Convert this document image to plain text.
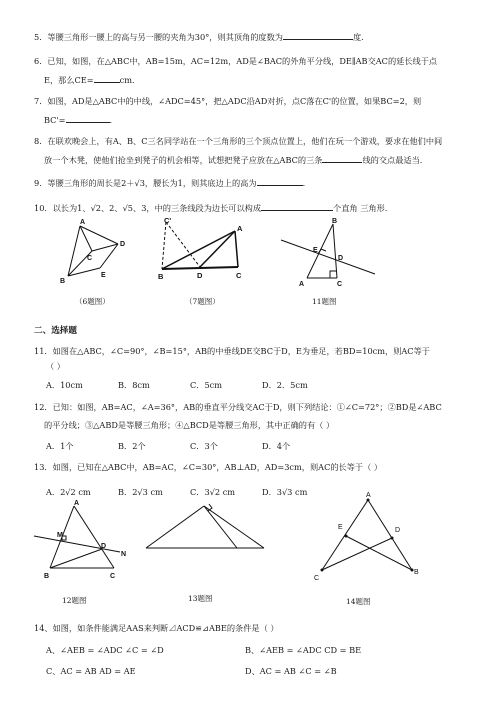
5．等腰三角形一腰上的高与另一腰的夹角为30°，则其顶角的度数为	度.
6．已知，如图，在△ABC中，AB=15m，AC=12m，AD是∠BAC的外角平分线，DE∥AB交AC的延长线于点
E，那么CE=	cm.
7．如图，AD是△ABC中的中线，∠ADC=45°，把△ADC沿AD对折，点C落在C'的位置，如果BC=2，则
BC'=	.
8．在联欢晚会上，有A、B、C三名同学站在一个三角形的三个顶点位置上，他们在玩一个游戏，要求在他们中间
放一个木凳，使他们抢坐到凳子的机会相等，试想把凳子应放在△ABC的三条	线的交点最适当.
9．等腰三角形的周长是2＋√3，腰长为1，则其底边上的高为	.
10．以长为1、√2、2、√5、3，中的三条线段为边长可以构成	个直角 三角形.
A
B
C
D
E
C'
A
B	D	C
B
E
D
A	C
（6题图）	（7题图）	11题图
二、选择题
11．如图在△ABC，∠C=90°，∠B=15°，AB的中垂线DE交BC于D，E为垂足，若BD=10cm，则AC等于
（ ）
A．10cm	B．8cm	C．5cm	D．2．5cm
12．已知：如图，AB=AC，∠A=36°，AB的垂直平分线交AC于D，则下列结论：①∠C=72°；②BD是∠ABC
的平分线；③△ABD是等腰三角形；④△BCD是等腰三角形，其中正确的有（ ）
A．1个	B．2个	C．3个	D．4个
13．如图，已知在△ABC中，AB=AC，∠C=30°，AB⊥AD，AD=3cm，则AC的长等于（ ）
A．2√2 cm	B．2√3 cm	C．3√2 cm	D．3√3 cm
A
M
D
N
B	C
12题图	13题图
A
E	D
C
B
14题图
14、如图，如条件能满足AAS来判断⊿ACD≌⊿ABE的条件是（ ）
A、∠AEB = ∠ADC ∠C = ∠D	B、∠AEB = ∠ADC CD = BE
C、AC = AB AD = AE	D、AC = AB ∠C = ∠B
